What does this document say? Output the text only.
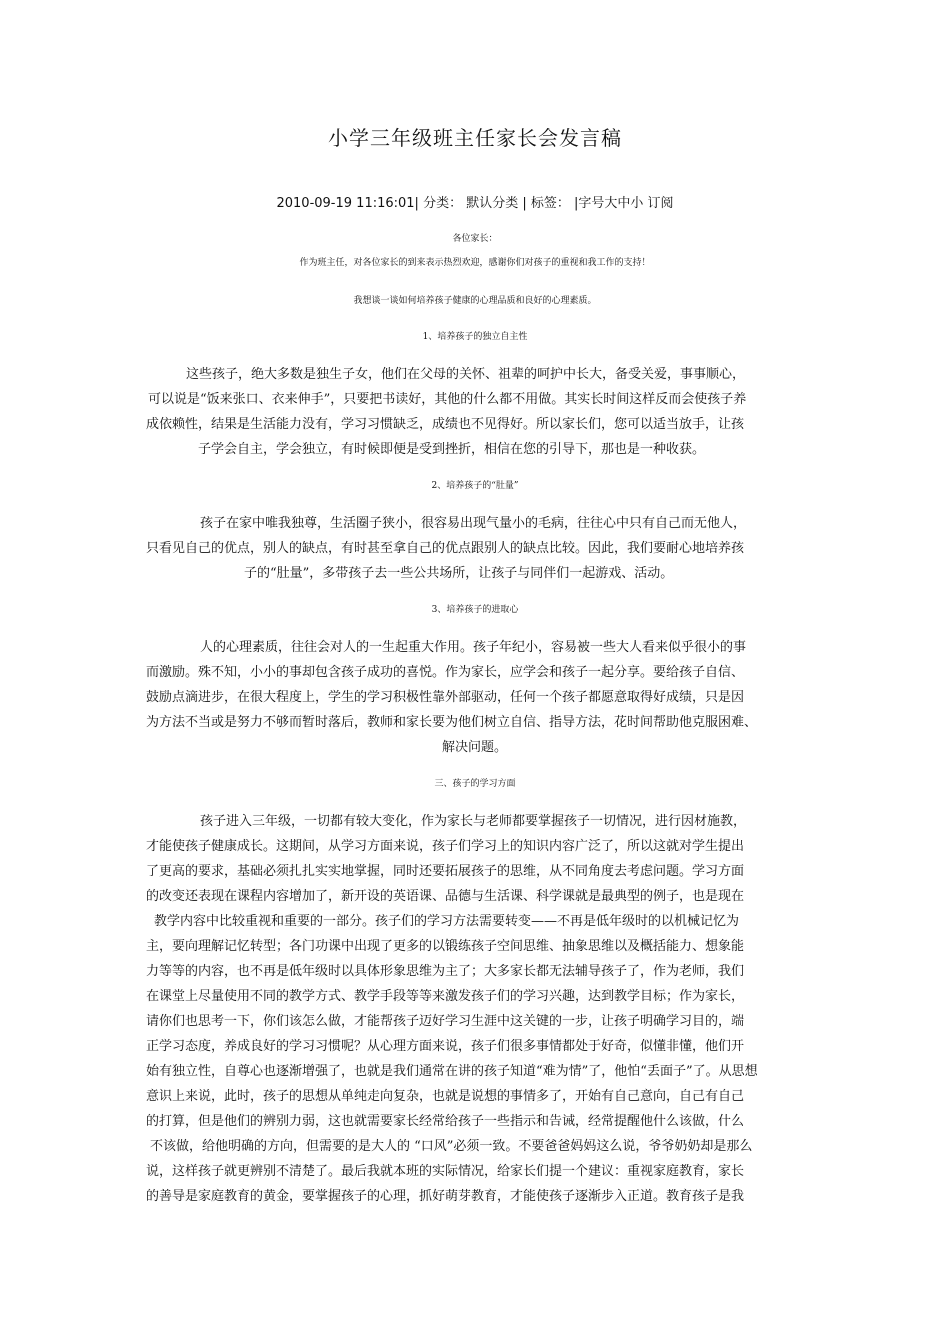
小学三年级班主任家长会发言稿
2010-09-19 11:16:01| 分类： 默认分类 | 标签： |字号大中小 订阅
各位家长：
作为班主任，对各位家长的到来表示热烈欢迎，感谢你们对孩子的重视和我工作的支持！
我想谈一谈如何培养孩子健康的心理品质和良好的心理素质。
1、培养孩子的独立自主性
这些孩子，绝大多数是独生子女，他们在父母的关怀、祖辈的呵护中长大，备受关爱，事事顺心，
可以说是“饭来张口、衣来伸手”，只要把书读好，其他的什么都不用做。其实长时间这样反而会使孩子养
成依赖性，结果是生活能力没有，学习习惯缺乏，成绩也不见得好。所以家长们，您可以适当放手，让孩
子学会自主，学会独立，有时候即便是受到挫折，相信在您的引导下，那也是一种收获。
2、培养孩子的“肚量”
孩子在家中唯我独尊，生活圈子狭小，很容易出现气量小的毛病，往往心中只有自己而无他人，
只看见自己的优点，别人的缺点，有时甚至拿自己的优点跟别人的缺点比较。因此，我们要耐心地培养孩
子的“肚量”，多带孩子去一些公共场所，让孩子与同伴们一起游戏、活动。
3、培养孩子的进取心
人的心理素质，往往会对人的一生起重大作用。孩子年纪小，容易被一些大人看来似乎很小的事
而激励。殊不知，小小的事却包含孩子成功的喜悦。作为家长，应学会和孩子一起分享。要给孩子自信、
鼓励点滴进步，在很大程度上，学生的学习积极性靠外部驱动，任何一个孩子都愿意取得好成绩，只是因
为方法不当或是努力不够而暂时落后，教师和家长要为他们树立自信、指导方法，花时间帮助他克服困难、
解决问题。
三、孩子的学习方面
孩子进入三年级，一切都有较大变化，作为家长与老师都要掌握孩子一切情况，进行因材施教，
才能使孩子健康成长。这期间，从学习方面来说，孩子们学习上的知识内容广泛了，所以这就对学生提出
了更高的要求，基础必须扎扎实实地掌握，同时还要拓展孩子的思维，从不同角度去考虑问题。学习方面
的改变还表现在课程内容增加了，新开设的英语课、品德与生活课、科学课就是最典型的例子，也是现在
教学内容中比较重视和重要的一部分。孩子们的学习方法需要转变——不再是低年级时的以机械记忆为
主，要向理解记忆转型；各门功课中出现了更多的以锻练孩子空间思维、抽象思维以及概括能力、想象能
力等等的内容，也不再是低年级时以具体形象思维为主了；大多家长都无法辅导孩子了，作为老师，我们
在课堂上尽量使用不同的教学方式、教学手段等等来激发孩子们的学习兴趣，达到教学目标；作为家长，
请你们也思考一下，你们该怎么做，才能帮孩子迈好学习生涯中这关键的一步，让孩子明确学习目的，端
正学习态度，养成良好的学习习惯呢？从心理方面来说，孩子们很多事情都处于好奇，似懂非懂，他们开
始有独立性，自尊心也逐渐增强了，也就是我们通常在讲的孩子知道“难为情”了，他怕“丢面子”了。从思想
意识上来说，此时，孩子的思想从单纯走向复杂，也就是说想的事情多了，开始有自己意向，自己有自己
的打算，但是他们的辨别力弱，这也就需要家长经常给孩子一些指示和告诫，经常提醒他什么该做，什么
不该做，给他明确的方向，但需要的是大人的 “口风”必须一致。不要爸爸妈妈这么说，爷爷奶奶却是那么
说，这样孩子就更辨别不清楚了。最后我就本班的实际情况，给家长们提一个建议：重视家庭教育，家长
的善导是家庭教育的黄金，要掌握孩子的心理，抓好萌芽教育，才能使孩子逐渐步入正道。教育孩子是我
